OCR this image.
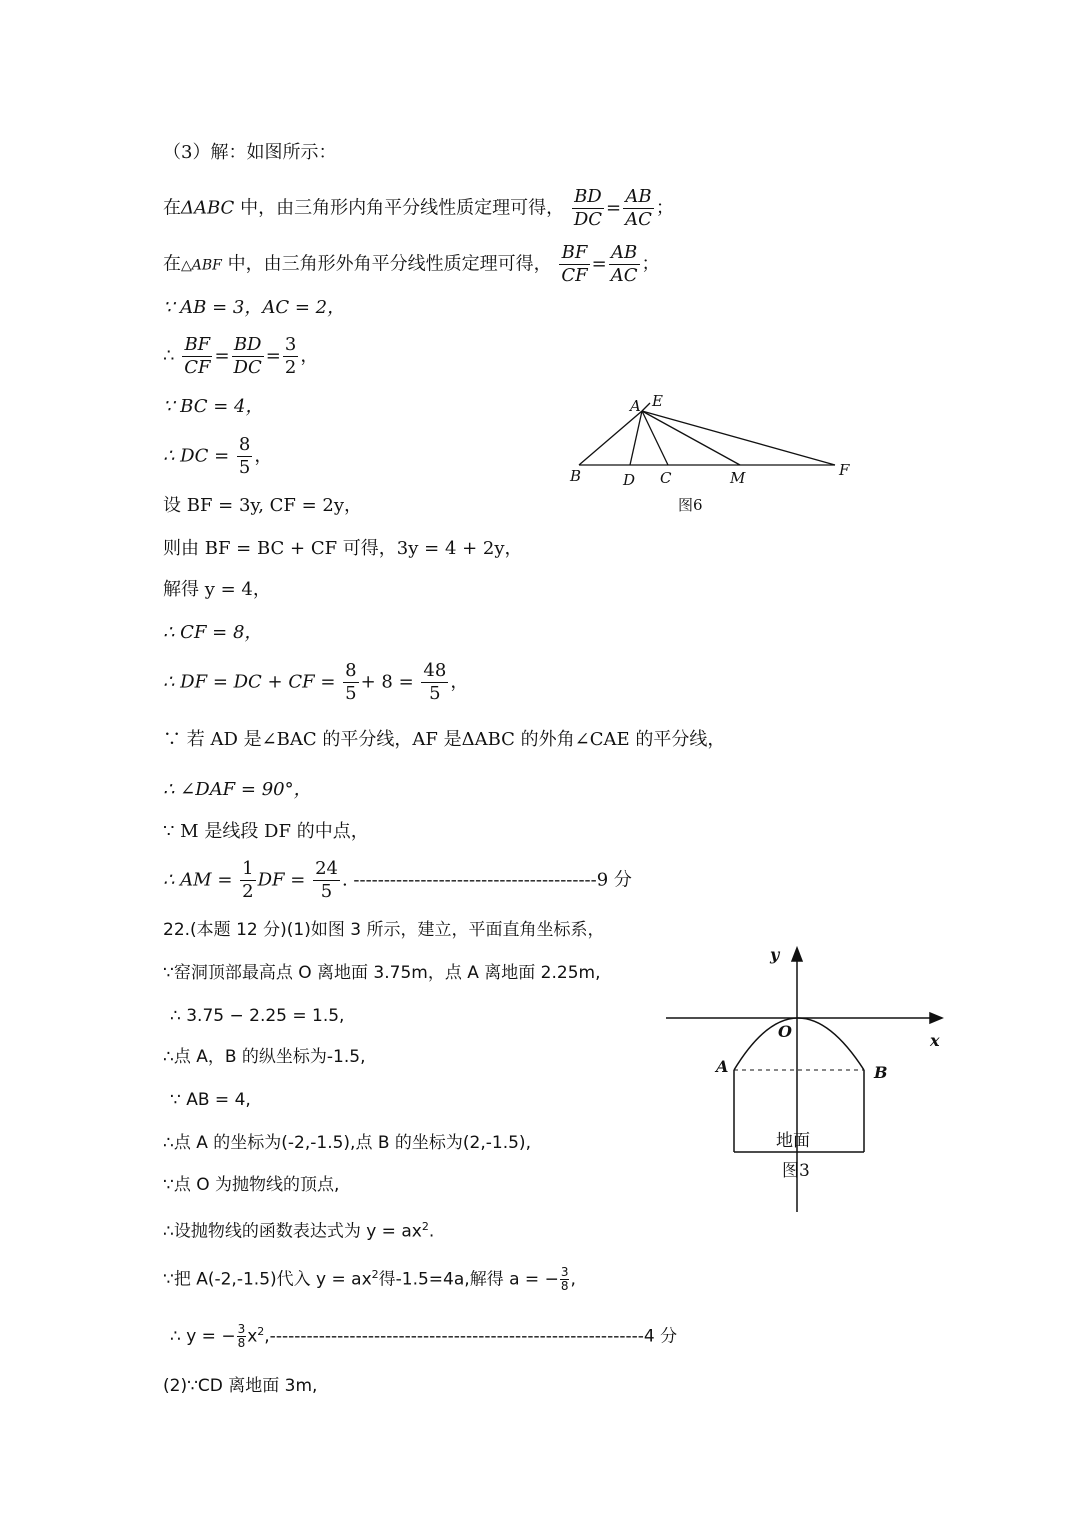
（3）解：如图所示：
在ΔABC 中，由三角形内角平分线性质定理可得， $\frac{BD}{DC} = \frac{AB}{AC}$ ；
在△ABF 中，由三角形外角平分线性质定理可得， $\frac{BF}{CF} = \frac{AB}{AC}$ ；
∵ AB = 3，AC = 2，
∴ $\frac{BF}{CF} = \frac{BD}{DC} = \frac{3}{2}$ ，
∵ BC = 4，
∴ DC = $\frac{8}{5}$ ，
设 BF = 3y, CF = 2y，
则由 BF = BC + CF 可得，3y = 4 + 2y，
解得 y = 4，
∴ CF = 8，
∴ DF = DC + CF = $\frac{8}{5} + 8 = \frac{48}{5}$ ，
∵ 若 AD 是∠BAC 的平分线，AF 是ΔABC 的外角∠CAE 的平分线，
∴ ∠DAF = 90°，
∵ M 是线段 DF 的中点，
∴ AM = $\frac{1}{2}$ DF = $\frac{24}{5}$ . ----------------------------------------9 分
A E
B	D C	M	F
图6
22.(本题 12 分)(1)如图 3 所示，建立，平面直角坐标系，
∵窑洞顶部最高点 O 离地面 3.75m，点 A 离地面 2.25m,
∴ 3.75 − 2.25 = 1.5,
∴点 A，B 的纵坐标为-1.5,
∵ AB = 4,
∴点 A 的坐标为(-2,-1.5),点 B 的坐标为(2,-1.5),
∵点 O 为抛物线的顶点,
∴设抛物线的函数表达式为 $y = ax^2$.
∵把 A(-2,-1.5)代入 $y = ax^2$得-1.5=4a,解得 a = − $\frac{3}{8}$ ,
∴ y = − $\frac{3}{8} x^2,-------------------------------------------------------------4$ 分
(2)∵CD 离地面 3m,
y
x
O
A	B
地面
图3
